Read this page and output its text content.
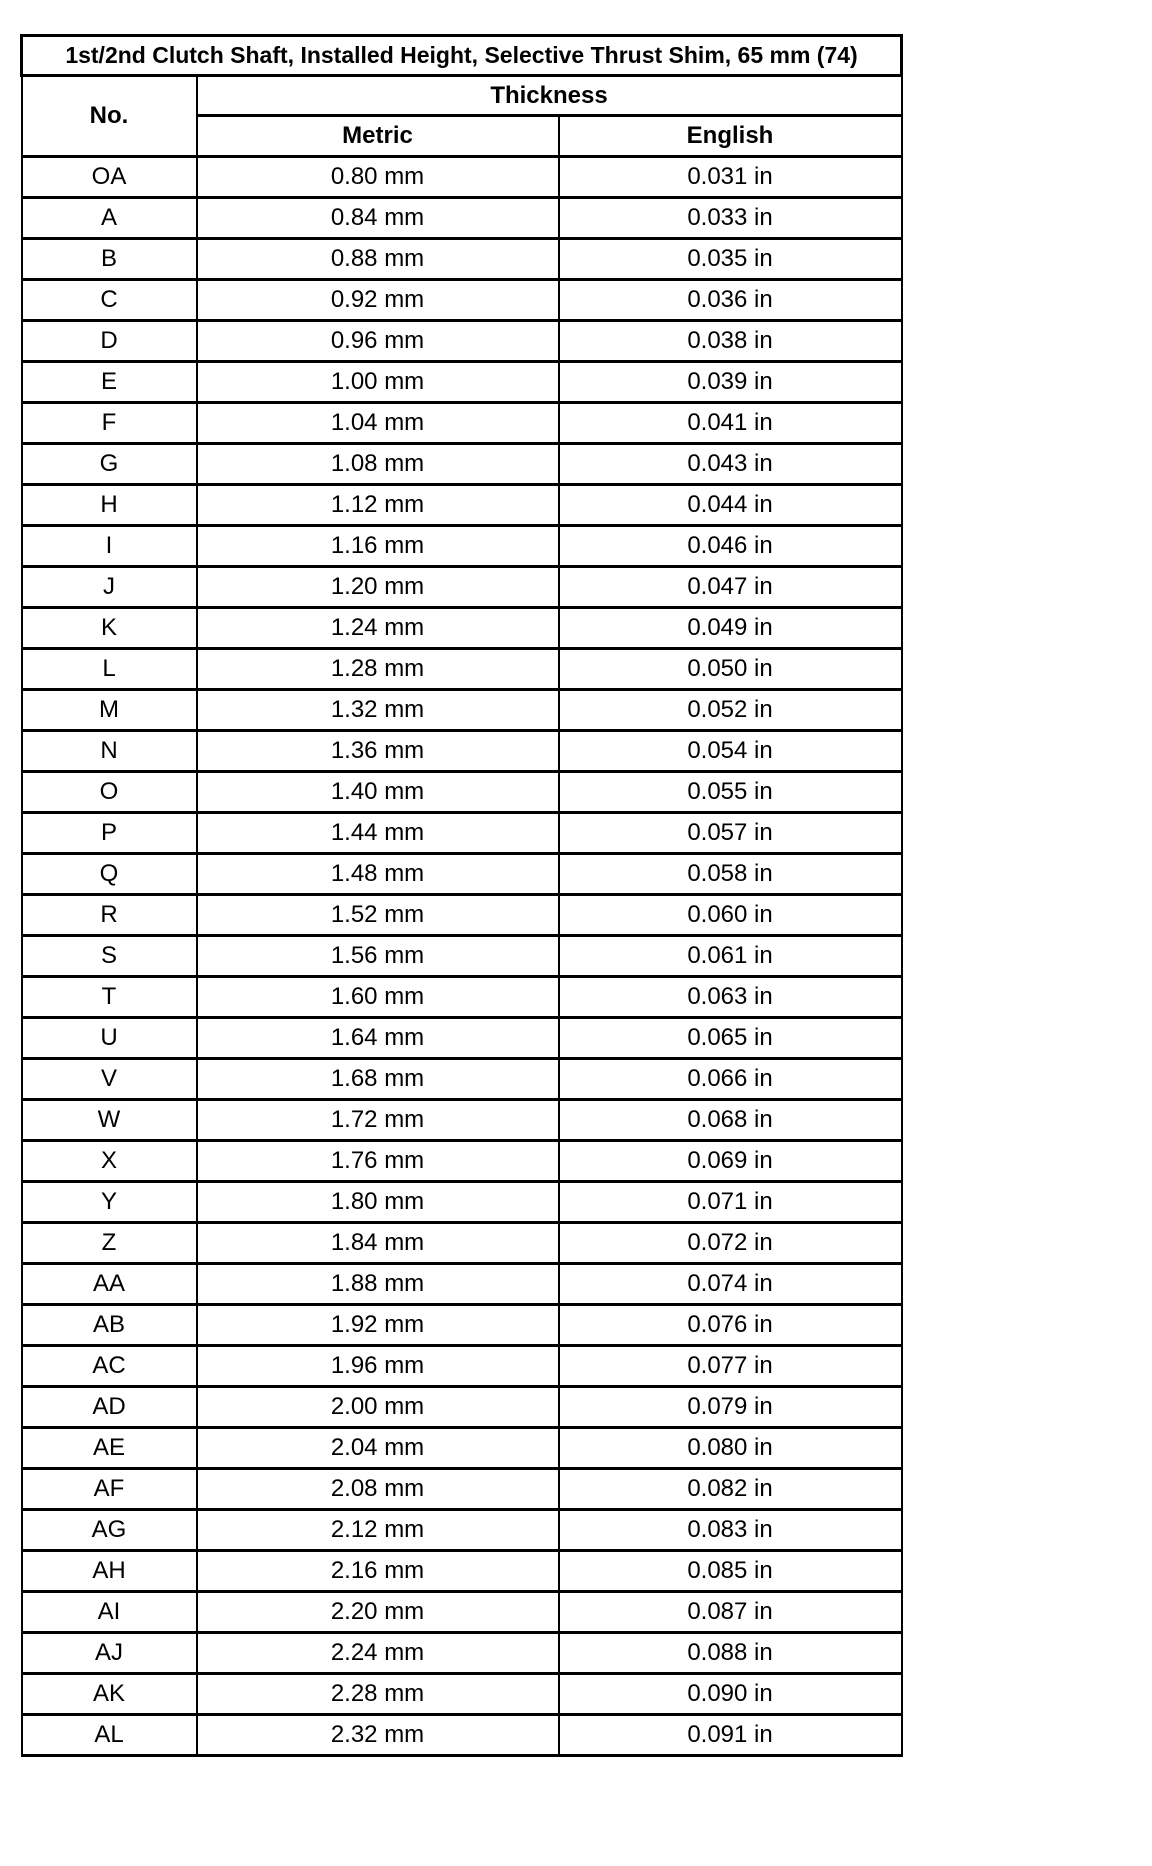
1st/2nd Clutch Shaft, Installed Height, Selective Thrust Shim, 65 mm (74)		
No.	Thickness	
	Metric	English
OA	0.80 mm	0.031 in
A	0.84 mm	0.033 in
B	0.88 mm	0.035 in
C	0.92 mm	0.036 in
D	0.96 mm	0.038 in
E	1.00 mm	0.039 in
F	1.04 mm	0.041 in
G	1.08 mm	0.043 in
H	1.12 mm	0.044 in
I	1.16 mm	0.046 in
J	1.20 mm	0.047 in
K	1.24 mm	0.049 in
L	1.28 mm	0.050 in
M	1.32 mm	0.052 in
N	1.36 mm	0.054 in
O	1.40 mm	0.055 in
P	1.44 mm	0.057 in
Q	1.48 mm	0.058 in
R	1.52 mm	0.060 in
S	1.56 mm	0.061 in
T	1.60 mm	0.063 in
U	1.64 mm	0.065 in
V	1.68 mm	0.066 in
W	1.72 mm	0.068 in
X	1.76 mm	0.069 in
Y	1.80 mm	0.071 in
Z	1.84 mm	0.072 in
AA	1.88 mm	0.074 in
AB	1.92 mm	0.076 in
AC	1.96 mm	0.077 in
AD	2.00 mm	0.079 in
AE	2.04 mm	0.080 in
AF	2.08 mm	0.082 in
AG	2.12 mm	0.083 in
AH	2.16 mm	0.085 in
AI	2.20 mm	0.087 in
AJ	2.24 mm	0.088 in
AK	2.28 mm	0.090 in
AL	2.32 mm	0.091 in
